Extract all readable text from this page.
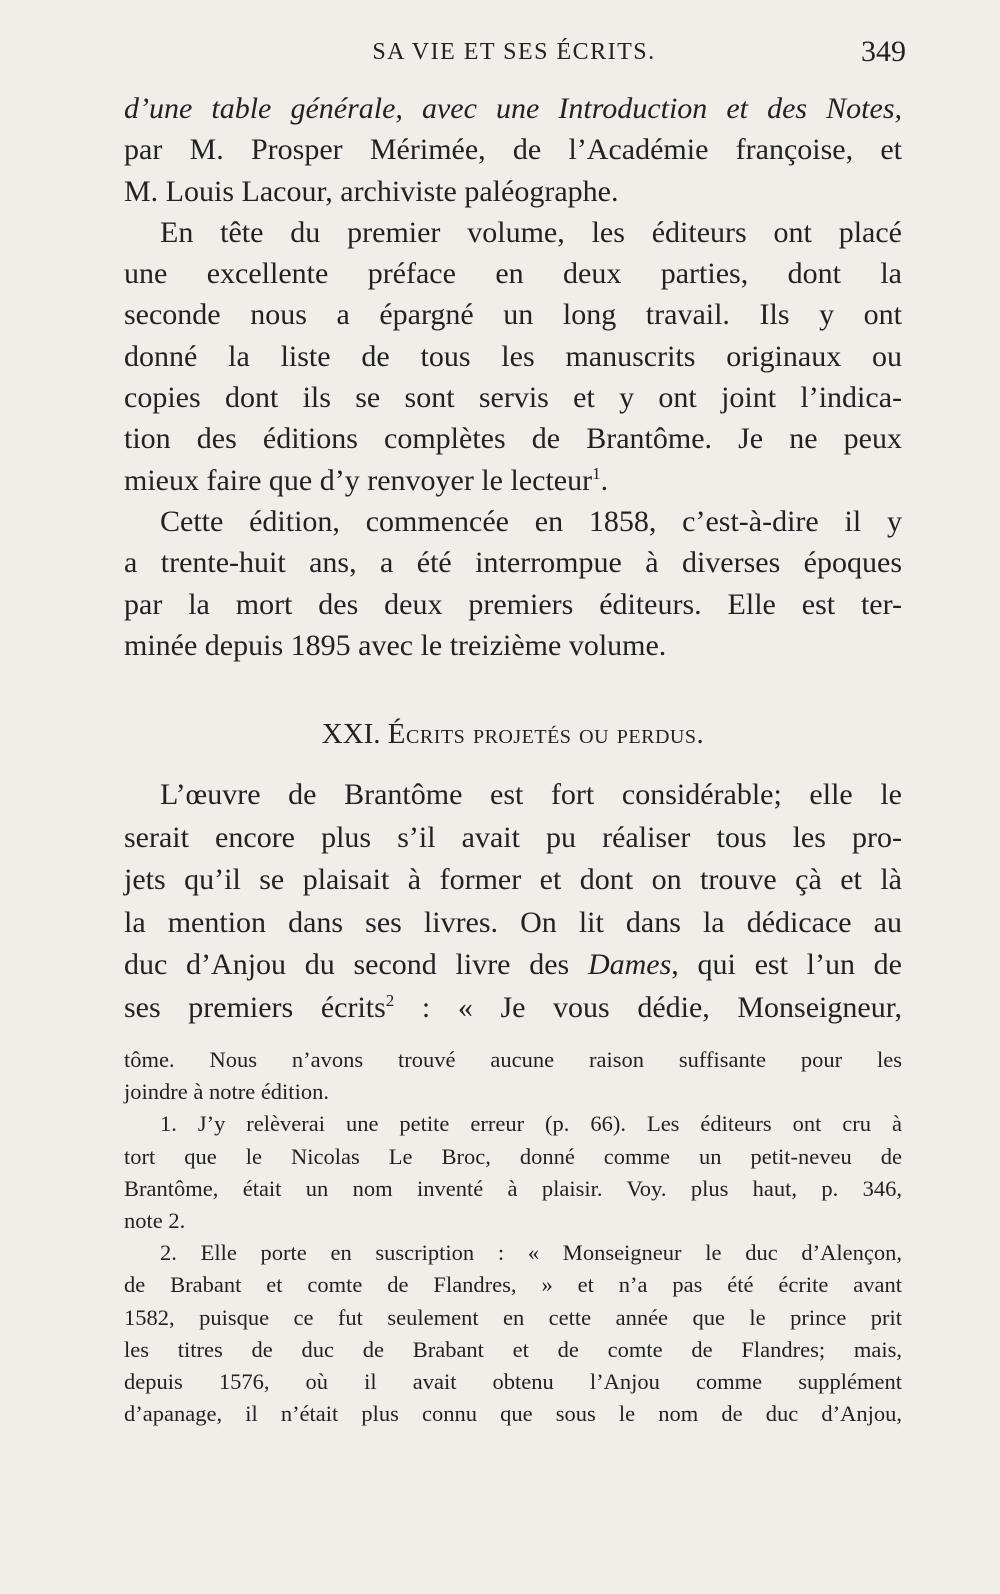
SA VIE ET SES ÉCRITS.	349
d’une table générale, avec une Introduction et des Notes,
par M. Prosper Mérimée, de l’Académie françoise, et
M. Louis Lacour, archiviste paléographe.
En tête du premier volume, les éditeurs ont placé
une excellente préface en deux parties, dont la
seconde nous a épargné un long travail. Ils y ont
donné la liste de tous les manuscrits originaux ou
copies dont ils se sont servis et y ont joint l’indica-
tion des éditions complètes de Brantôme. Je ne peux
mieux faire que d’y renvoyer le lecteur$^1$.
Cette édition, commencée en 1858, c’est-à-dire il y
a trente-huit ans, a été interrompue à diverses époques
par la mort des deux premiers éditeurs. Elle est ter-
minée depuis 1895 avec le treizième volume.
XXI. Écrits projetés ou perdus.
L’œuvre de Brantôme est fort considérable; elle le
serait encore plus s’il avait pu réaliser tous les pro-
jets qu’il se plaisait à former et dont on trouve çà et là
la mention dans ses livres. On lit dans la dédicace au
duc d’Anjou du second livre des Dames, qui est l’un de
ses premiers écrits$^2$ : « Je vous dédie, Monseigneur,
tôme. Nous n’avons trouvé aucune raison suffisante pour les
joindre à notre édition.
1. J’y relèverai une petite erreur (p. 66). Les éditeurs ont cru à
tort que le Nicolas Le Broc, donné comme un petit-neveu de
Brantôme, était un nom inventé à plaisir. Voy. plus haut, p. 346,
note 2.
2. Elle porte en suscription : « Monseigneur le duc d’Alençon,
de Brabant et comte de Flandres, » et n’a pas été écrite avant
1582, puisque ce fut seulement en cette année que le prince prit
les titres de duc de Brabant et de comte de Flandres; mais,
depuis 1576, où il avait obtenu l’Anjou comme supplément
d’apanage, il n’était plus connu que sous le nom de duc d’Anjou,
